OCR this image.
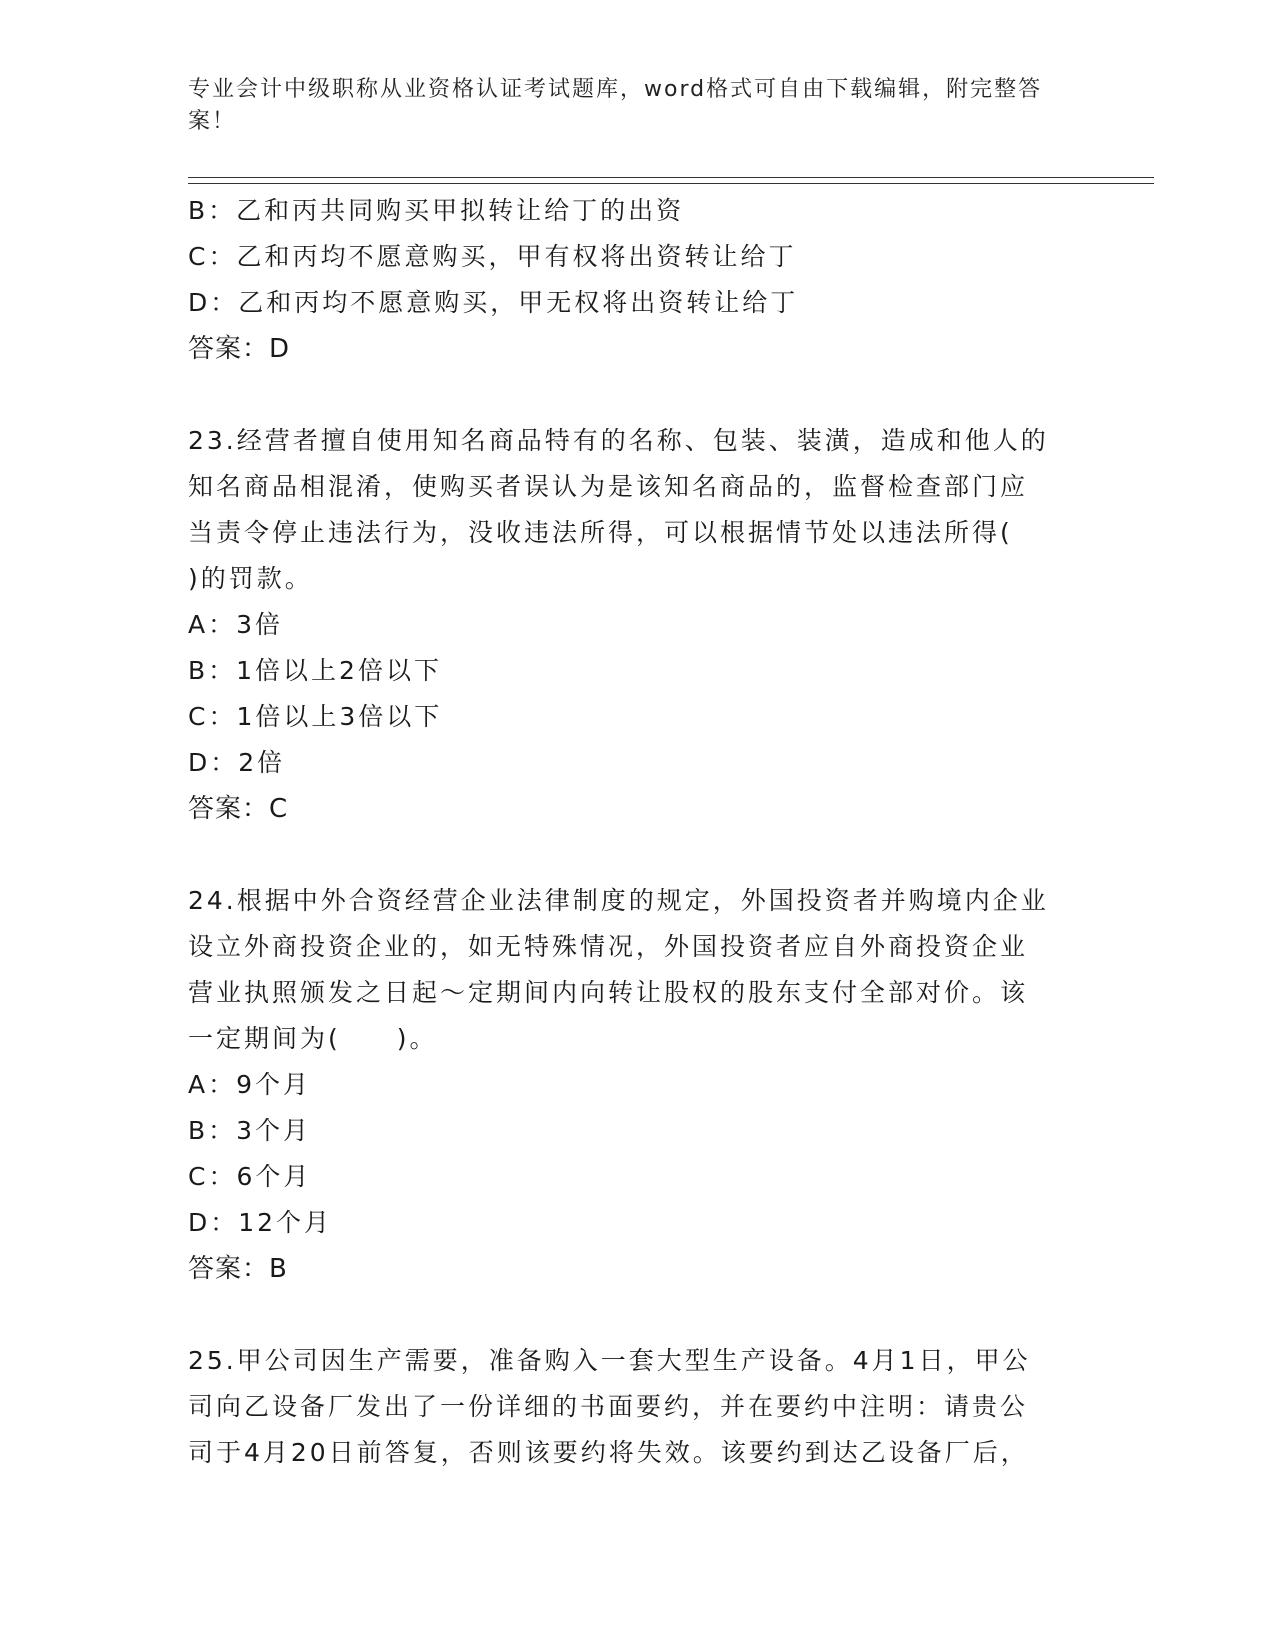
专业会计中级职称从业资格认证考试题库，word格式可自由下载编辑，附完整答
案！
B：乙和丙共同购买甲拟转让给丁的出资
C：乙和丙均不愿意购买，甲有权将出资转让给丁
D：乙和丙均不愿意购买，甲无权将出资转让给丁
答案：D
23.经营者擅自使用知名商品特有的名称、包装、装潢，造成和他人的
知名商品相混淆，使购买者误认为是该知名商品的，监督检查部门应
当责令停止违法行为，没收违法所得，可以根据情节处以违法所得(
)的罚款。
A：3倍
B：1倍以上2倍以下
C：1倍以上3倍以下
D：2倍
答案：C
24.根据中外合资经营企业法律制度的规定，外国投资者并购境内企业
设立外商投资企业的，如无特殊情况，外国投资者应自外商投资企业
营业执照颁发之日起～定期间内向转让股权的股东支付全部对价。该
一定期间为(　　)。
A：9个月
B：3个月
C：6个月
D：12个月
答案：B
25.甲公司因生产需要，准备购入一套大型生产设备。4月1日，甲公
司向乙设备厂发出了一份详细的书面要约，并在要约中注明：请贵公
司于4月20日前答复，否则该要约将失效。该要约到达乙设备厂后，
